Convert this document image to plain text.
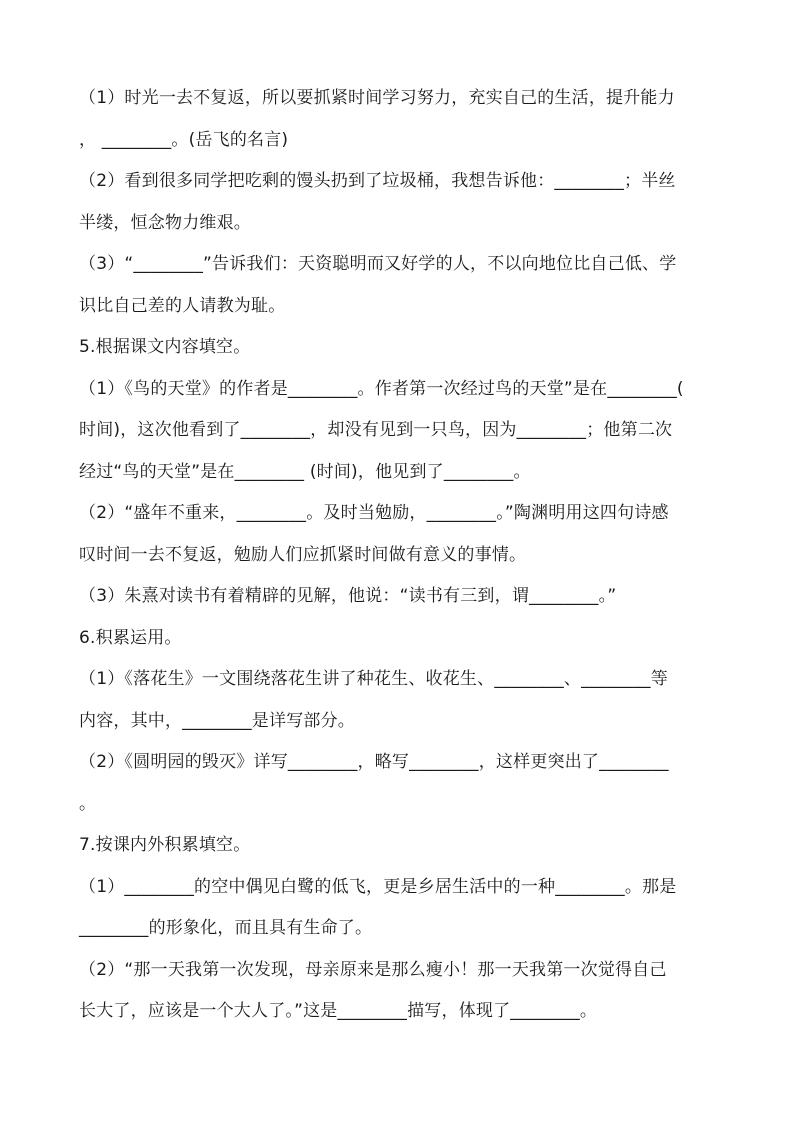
（1）时光一去不复返，所以要抓紧时间学习努力，充实自己的生活，提升能力
， ________。(岳飞的名言)
（2）看到很多同学把吃剩的馒头扔到了垃圾桶，我想告诉他：________；半丝
半缕，恒念物力维艰。
（3）“________”告诉我们：天资聪明而又好学的人，不以向地位比自己低、学
识比自己差的人请教为耻。
5.根据课文内容填空。
（1）《鸟的天堂》的作者是________。作者第一次经过鸟的天堂”是在________(
时间)，这次他看到了________，却没有见到一只鸟，因为________；他第二次
经过“鸟的天堂”是在________ (时间)，他见到了________。
（2）“盛年不重来，________。及时当勉励，________。”陶渊明用这四句诗感
叹时间一去不复返，勉励人们应抓紧时间做有意义的事情。
（3）朱熹对读书有着精辟的见解，他说：“读书有三到，谓________。”
6.积累运用。
（1）《落花生》一文围绕落花生讲了种花生、收花生、________、________等
内容，其中，________是详写部分。
（2）《圆明园的毁灭》详写________，略写________，这样更突出了________
。
7.按课内外积累填空。
（1）________的空中偶见白鹭的低飞，更是乡居生活中的一种________。那是
________的形象化，而且具有生命了。
（2）“那一天我第一次发现，母亲原来是那么瘦小！那一天我第一次觉得自己
长大了，应该是一个大人了。”这是________描写，体现了________。
